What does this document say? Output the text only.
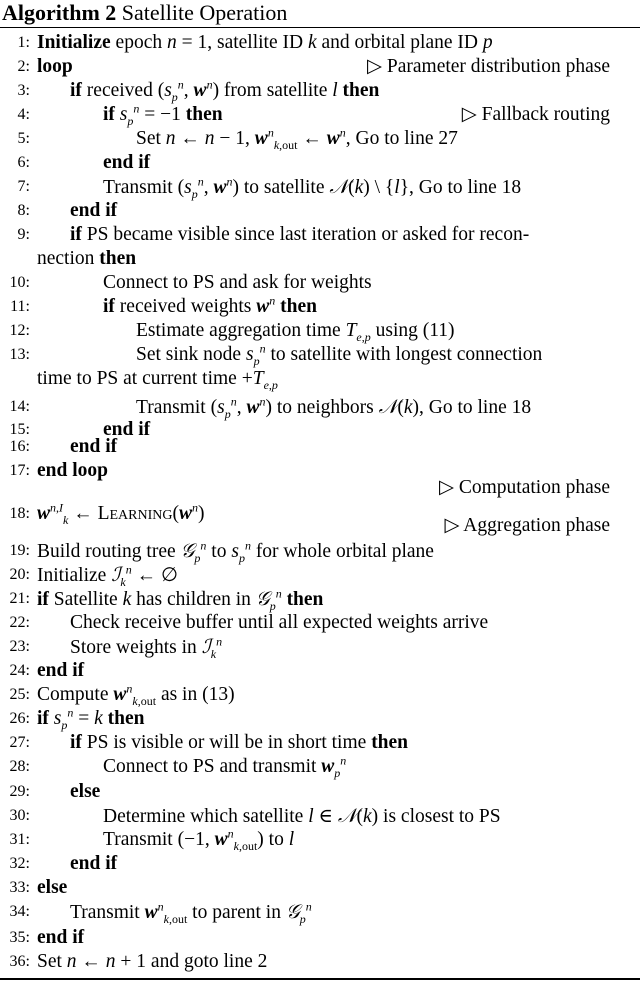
Algorithm 2 Satellite Operation
1: Initialize epoch n = 1, satellite ID k and orbital plane ID p
2: loop	▷ Parameter distribution phase
3: if received ($s_p^n$, $w^n$) from satellite l then
4:	if $s_p^n = -1$ then	▷ Fallback routing
5:	Set n ← n − 1, $w^n_{k,out}$ ← $w^n$, Go to line 27
6:	end if
7:	Transmit ($s_p^n$, $w^n$) to satellite 𝒩(k) \ {l}, Go to line 18
8: end if
9: if PS became visible since last iteration or asked for recon-
nection then
10:	Connect to PS and ask for weights
11:	if received weights $w^n$ then
12:	Estimate aggregation time $T_{e,p}$ using (11)
13:	Set sink node $s_p^n$ to satellite with longest connection
time to PS at current time $+T_{e,p}$
14:	Transmit ($s_p^n$, $w^n$) to neighbors 𝒩(k), Go to line 18
15:	end if
16: end if
17: end loop
▷ Computation phase
18: $w^{n,I}_k$ ← $Learning(w^n)$
▷ Aggregation phase
19: Build routing tree 𝒢$_p^n$ to $s_p^n$ for whole orbital plane
20: Initialize ℐ$_k^n$ ← ∅
21: if Satellite k has children in 𝒢$_p^n$ then
22: Check receive buffer until all expected weights arrive
23: Store weights in ℐ$_k^n$
24: end if
25: Compute $w^n_{k,out}$ as in (13)
26: if $s_p^n = k$ then
27: if PS is visible or will be in short time then
28:	Connect to PS and transmit $w_p^n$
29: else
30:	Determine which satellite l ∈ 𝒩(k) is closest to PS
31:	Transmit (−1, $w^n_{k,out}$) to l
32: end if
33: else
34: Transmit $w^n_{k,out}$ to parent in 𝒢$_p^n$
35: end if
36: Set n ← n + 1 and goto line 2
